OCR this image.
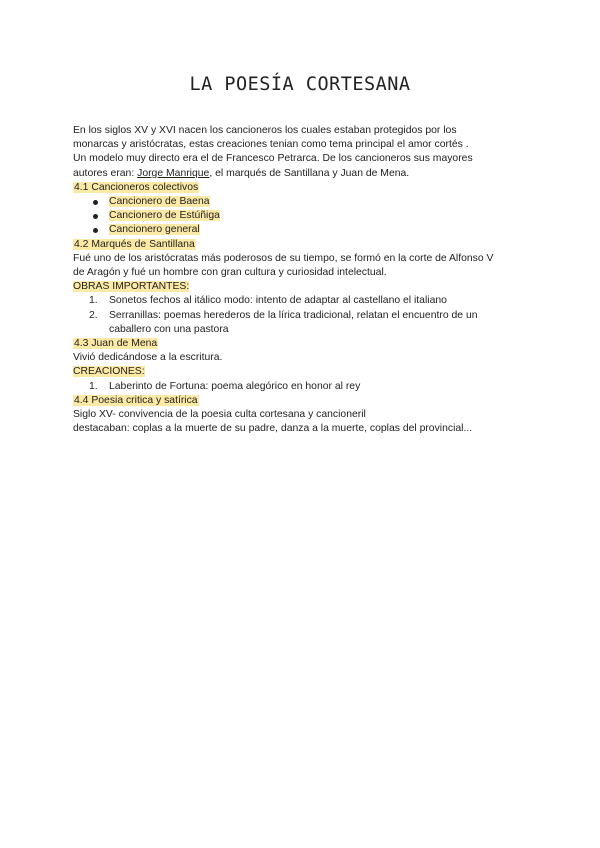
LA POESÍA CORTESANA

En los siglos XV y XVI nacen los cancioneros los cuales estaban protegidos por los

monarcas y aristócratas, estas creaciones tenian como tema principal el amor cortés .

Un modelo muy directo era el de Francesco Petrarca. De los cancioneros sus mayores

autores eran: Jorge Manrique, el marqués de Santillana y Juan de Mena.

4.1 Cancioneros colectivos

Cancionero de Baena
Cancionero de Estúñiga
Cancionero general

4.2 Marqués de Santillana

Fué uno de los aristócratas más poderosos de su tiempo, se formó en la corte de Alfonso V

de Aragón y fué un hombre con gran cultura y curiosidad intelectual.

OBRAS IMPORTANTES:

1. Sonetos fechos al itálico modo: intento de adaptar al castellano el italiano
2. Serranillas: poemas herederos de la lírica tradicional, relatan el encuentro de un
caballero con una pastora

4.3 Juan de Mena

Vivió dedicándose a la escritura.

CREACIONES:

1. Laberinto de Fortuna: poema alegórico en honor al rey

4.4 Poesia critica y satírica

Siglo XV- convivencia de la poesia culta cortesana y cancioneril

destacaban: coplas a la muerte de su padre, danza a la muerte, coplas del provincial...
